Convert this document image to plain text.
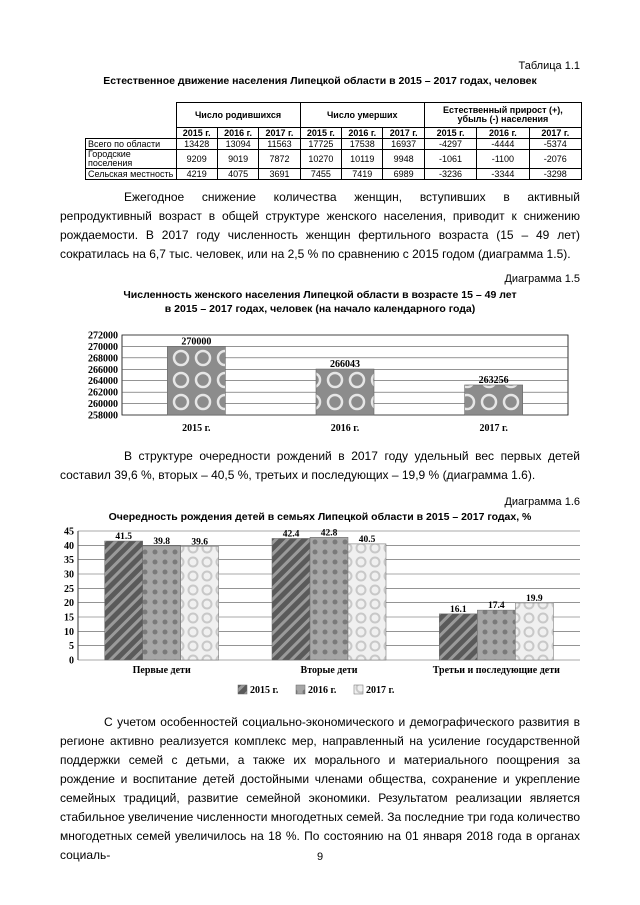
Таблица 1.1
Естественное движение населения Липецкой области в 2015 – 2017 годах, человек
	Число родившихся			Число умерших			Естественный прирост (+),
убыль (-) населения		
	2015 г.	2016 г.	2017 г.	2015 г.	2016 г.	2017 г.	2015 г.	2016 г.	2017 г.
Всего по области	13428	13094	11563	17725	17538	16937	-4297	-4444	-5374
Городские поселения	9209	9019	7872	10270	10119	9948	-1061	-1100	-2076
Сельская местность	4219	4075	3691	7455	7419	6989	-3236	-3344	-3298

Ежегодное снижение количества женщин, вступивших в активный репродуктивный возраст в общей структуре женского населения, приводит к снижению рождаемости. В 2017 году численность женщин фертильного возраста (15 – 49 лет) сократилась на 6,7 тыс. человек, или на 2,5 % по сравнению с 2015 годом (диаграмма 1.5).

Диаграмма 1.5
Численность женского населения Липецкой области в возрасте 15 – 49 лет
в 2015 – 2017 годах, человек (на начало календарного года)
258000
260000
262000
264000
266000
268000
270000
272000
270000
266043
263256
2015 г.	2016 г.	2017 г.

В структуре очередности рождений в 2017 году удельный вес первых детей составил 39,6 %, вторых – 40,5 %, третьих и последующих – 19,9 % (диаграмма 1.6).

Диаграмма 1.6
Очередность рождения детей в семьях Липецкой области в 2015 – 2017 годах, %
0
5
10
15
20
25
30
35
40
45	41.5 39.8 39.6
42.4 42.8
40.5
16.1 17.4
19.9
Первые дети	Вторые дети	Третьи и последующие дети
2015 г.	2016 г.	2017 г.

С учетом особенностей социально-экономического и демографического развития в регионе активно реализуется комплекс мер, направленный на усиление государственной поддержки семей с детьми, а также их морального и материального поощрения за рождение и воспитание детей достойными членами общества, сохранение и укрепление семейных традиций, развитие семейной экономики. Результатом реализации является стабильное увеличение численности многодетных семей. За последние три года количество многодетных семей увеличилось на 18 %. По состоянию на 01 января 2018 года в органах социаль-	9
